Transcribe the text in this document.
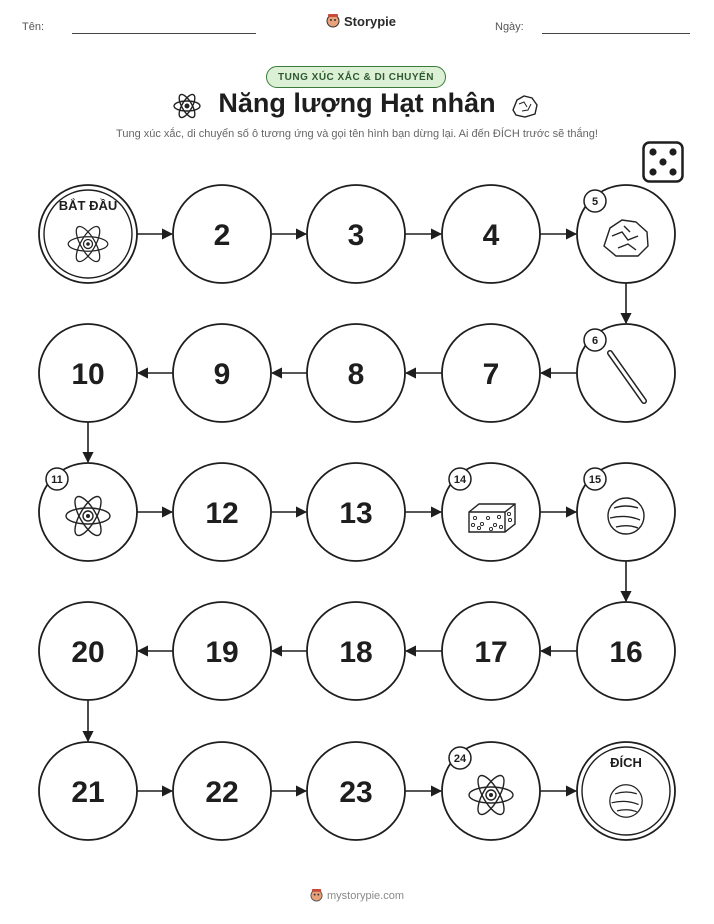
Tên:	Storypie	Ngày:
TUNG XÚC XẮC & DI CHUYỂN
Năng lượng Hạt nhân
Tung xúc xắc, di chuyển số ô tương ứng và gọi tên hình bạn dừng lại. Ai đến ĐÍCH trước sẽ thắng!
BẮT ĐẦU
2	3	4
5
6
7
8
9
10
11
12	13
14	15
16
17
18
19
20
21	22	23
24	ĐÍCH
mystorypie.com
